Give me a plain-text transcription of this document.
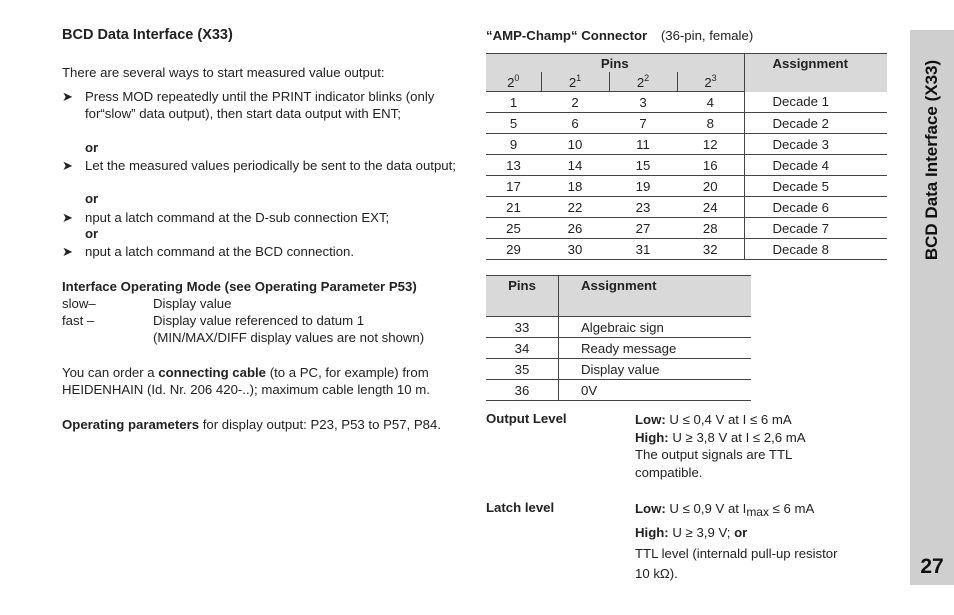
BCD Data Interface (X33)
There are several ways to start measured value output:
➤ Press MOD repeatedly until the PRINT indicator blinks (only for“slow” data output), then start data output with ENT;
or
➤ Let the measured values periodically be sent to the data output;
or
➤ nput a latch command at the D-sub connection EXT;
or
➤ nput a latch command at the BCD connection.
Interface Operating Mode (see Operating Parameter P53)
slow–	Display value
fast –	Display value referenced to datum 1
(MIN/MAX/DIFF display values are not shown)
You can order a connecting cable (to a PC, for example) from HEIDENHAIN (Id. Nr. 206 420-..); maximum cable length 10 m.
Operating parameters for display output: P23, P53 to P57, P84.
“AMP-Champ“ Connector (36-pin, female)
Pins				Assignment
$2^0$	$2^1$	$2^2$	$2^3$
1	2	3	4	Decade 1
5	6	7	8	Decade 2
9	10	11	12	Decade 3
13	14	15	16	Decade 4
17	18	19	20	Decade 5
21	22	23	24	Decade 6
25	26	27	28	Decade 7
29	30	31	32	Decade 8
Pins	Assignment
33	Algebraic sign
34	Ready message
35	Display value
36	0V
Output Level	Low: U ≤ 0,4 V at I ≤ 6 mA
High: U ≥ 3,8 V at I ≤ 2,6 mA
The output signals are TTL compatible.
Latch level	Low: U ≤ 0,9 V at $I_{max} \le 6$ mA
High: U ≥ 3,9 V; or
TTL level (internald pull-up resistor 10 kΩ).
BCD Data Interface (X33)
27
